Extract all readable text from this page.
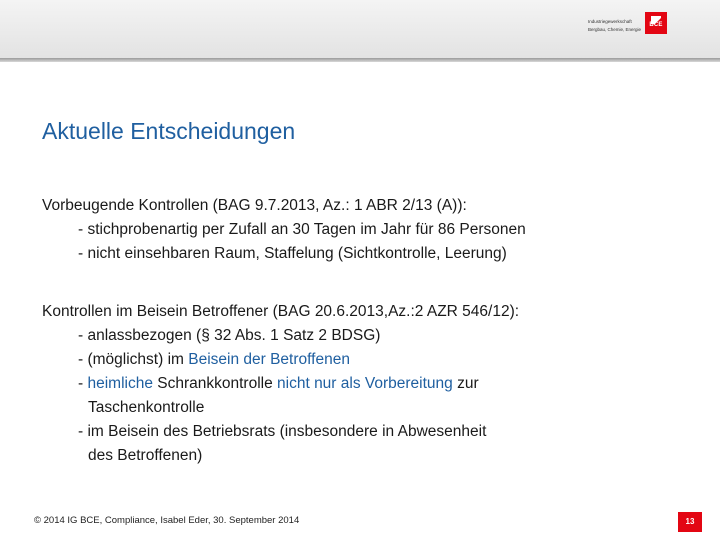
Industriegewerkschaft
Bergbau, Chemie, Energie
BCE
Aktuelle Entscheidungen
Vorbeugende Kontrollen (BAG 9.7.2013, Az.: 1 ABR 2/13 (A)):
- stichprobenartig per Zufall an 30 Tagen im Jahr für 86 Personen
- nicht einsehbaren Raum, Staffelung (Sichtkontrolle, Leerung)
Kontrollen im Beisein Betroffener (BAG 20.6.2013,Az.:2 AZR 546/12):
- anlassbezogen (§ 32 Abs. 1 Satz 2 BDSG)
- (möglichst) im Beisein der Betroffenen
- heimliche Schrankkontrolle nicht nur als Vorbereitung zur
Taschenkontrolle
- im Beisein des Betriebsrats (insbesondere in Abwesenheit
des Betroffenen)
© 2014 IG BCE, Compliance, Isabel Eder, 30. September 2014	13
